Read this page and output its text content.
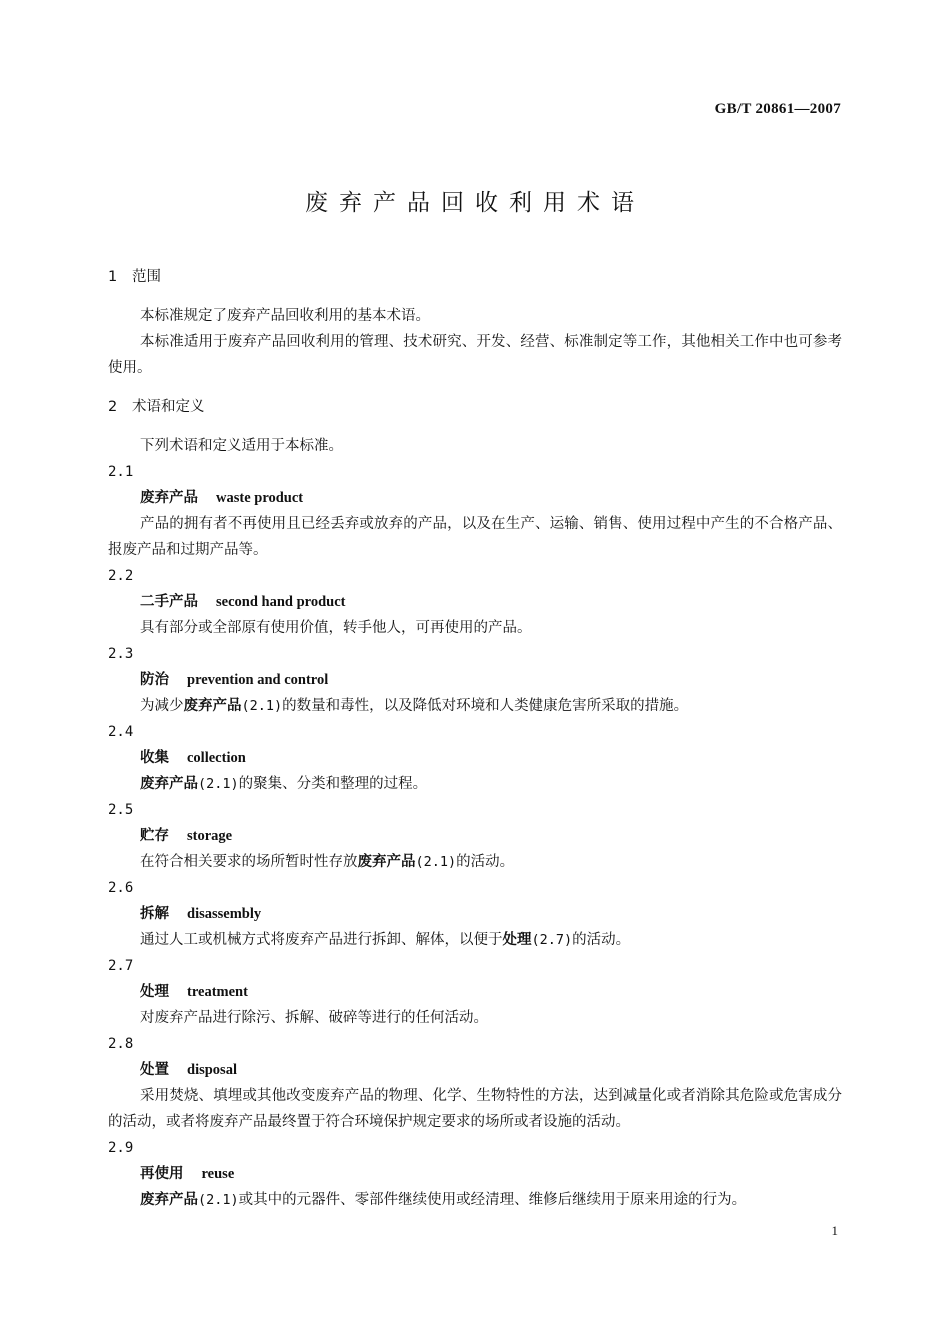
GB/T 20861—2007
废弃产品回收利用术语
1 范围
本标准规定了废弃产品回收利用的基本术语。
本标准适用于废弃产品回收利用的管理、技术研究、开发、经营、标准制定等工作，其他相关工作中也可参考使用。
2 术语和定义
下列术语和定义适用于本标准。
2.1
废弃产品 waste product
产品的拥有者不再使用且已经丢弃或放弃的产品，以及在生产、运输、销售、使用过程中产生的不合格产品、报废产品和过期产品等。
2.2
二手产品 second hand product
具有部分或全部原有使用价值，转手他人，可再使用的产品。
2.3
防治 prevention and control
为减少废弃产品(2.1)的数量和毒性，以及降低对环境和人类健康危害所采取的措施。
2.4
收集 collection
废弃产品(2.1)的聚集、分类和整理的过程。
2.5
贮存 storage
在符合相关要求的场所暂时性存放废弃产品(2.1)的活动。
2.6
拆解 disassembly
通过人工或机械方式将废弃产品进行拆卸、解体，以便于处理(2.7)的活动。
2.7
处理 treatment
对废弃产品进行除污、拆解、破碎等进行的任何活动。
2.8
处置 disposal
采用焚烧、填埋或其他改变废弃产品的物理、化学、生物特性的方法，达到减量化或者消除其危险或危害成分的活动，或者将废弃产品最终置于符合环境保护规定要求的场所或者设施的活动。
2.9
再使用 reuse
废弃产品(2.1)或其中的元器件、零部件继续使用或经清理、维修后继续用于原来用途的行为。
1
